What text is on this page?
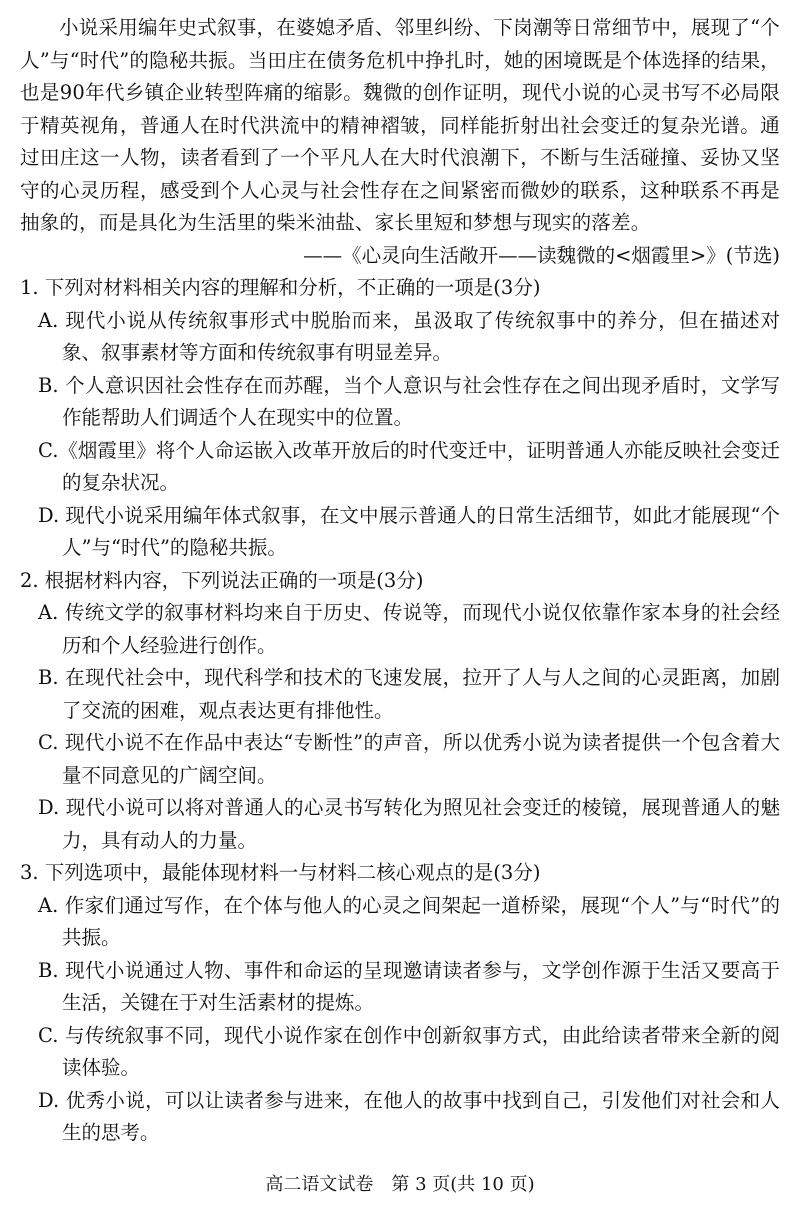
小说采用编年史式叙事，在婆媳矛盾、邻里纠纷、下岗潮等日常细节中，展现了“个人”与“时代”的隐秘共振。当田庄在债务危机中挣扎时，她的困境既是个体选择的结果，也是90年代乡镇企业转型阵痛的缩影。魏微的创作证明，现代小说的心灵书写不必局限于精英视角，普通人在时代洪流中的精神褶皱，同样能折射出社会变迁的复杂光谱。通过田庄这一人物，读者看到了一个平凡人在大时代浪潮下，不断与生活碰撞、妥协又坚守的心灵历程，感受到个人心灵与社会性存在之间紧密而微妙的联系，这种联系不再是抽象的，而是具化为生活里的柴米油盐、家长里短和梦想与现实的落差。

——《心灵向生活敞开——读魏微的<烟霞里>》(节选)

1. 下列对材料相关内容的理解和分析，不正确的一项是(3分)

A. 现代小说从传统叙事形式中脱胎而来，虽汲取了传统叙事中的养分，但在描述对象、叙事素材等方面和传统叙事有明显差异。

B. 个人意识因社会性存在而苏醒，当个人意识与社会性存在之间出现矛盾时，文学写作能帮助人们调适个人在现实中的位置。

C.《烟霞里》将个人命运嵌入改革开放后的时代变迁中，证明普通人亦能反映社会变迁的复杂状况。

D. 现代小说采用编年体式叙事，在文中展示普通人的日常生活细节，如此才能展现“个人”与“时代”的隐秘共振。

2. 根据材料内容，下列说法正确的一项是(3分)

A. 传统文学的叙事材料均来自于历史、传说等，而现代小说仅依靠作家本身的社会经历和个人经验进行创作。

B. 在现代社会中，现代科学和技术的飞速发展，拉开了人与人之间的心灵距离，加剧了交流的困难，观点表达更有排他性。

C. 现代小说不在作品中表达“专断性”的声音，所以优秀小说为读者提供一个包含着大量不同意见的广阔空间。

D. 现代小说可以将对普通人的心灵书写转化为照见社会变迁的棱镜，展现普通人的魅力，具有动人的力量。

3. 下列选项中，最能体现材料一与材料二核心观点的是(3分)

A. 作家们通过写作，在个体与他人的心灵之间架起一道桥梁，展现“个人”与“时代”的共振。

B. 现代小说通过人物、事件和命运的呈现邀请读者参与，文学创作源于生活又要高于生活，关键在于对生活素材的提炼。

C. 与传统叙事不同，现代小说作家在创作中创新叙事方式，由此给读者带来全新的阅读体验。

D. 优秀小说，可以让读者参与进来，在他人的故事中找到自己，引发他们对社会和人生的思考。

高二语文试卷　第 3 页(共 10 页)
